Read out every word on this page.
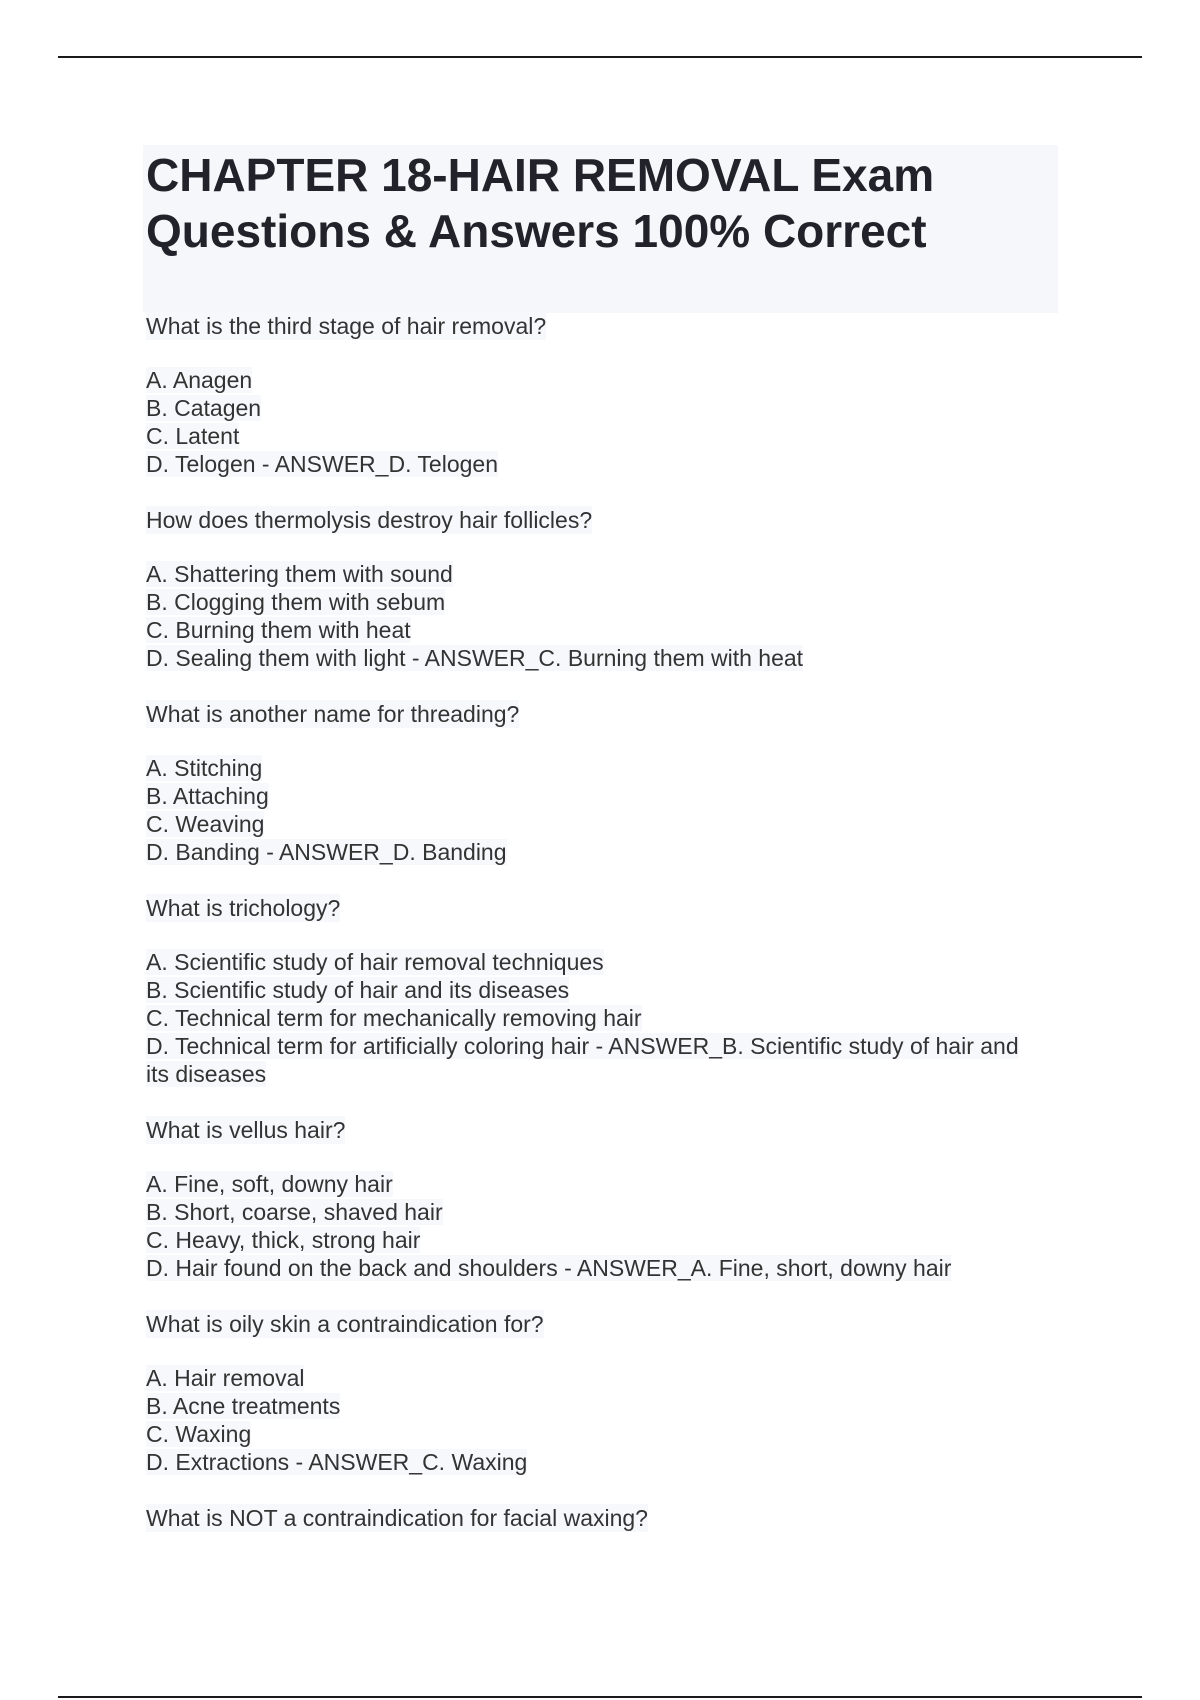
CHAPTER 18-HAIR REMOVAL Exam
Questions & Answers 100% Correct

What is the third stage of hair removal?

A. Anagen
B. Catagen
C. Latent
D. Telogen - ANSWER_D. Telogen

How does thermolysis destroy hair follicles?

A. Shattering them with sound
B. Clogging them with sebum
C. Burning them with heat
D. Sealing them with light - ANSWER_C. Burning them with heat

What is another name for threading?

A. Stitching
B. Attaching
C. Weaving
D. Banding - ANSWER_D. Banding

What is trichology?

A. Scientific study of hair removal techniques
B. Scientific study of hair and its diseases
C. Technical term for mechanically removing hair
D. Technical term for artificially coloring hair - ANSWER_B. Scientific study of hair and its diseases

What is vellus hair?

A. Fine, soft, downy hair
B. Short, coarse, shaved hair
C. Heavy, thick, strong hair
D. Hair found on the back and shoulders - ANSWER_A. Fine, short, downy hair

What is oily skin a contraindication for?

A. Hair removal
B. Acne treatments
C. Waxing
D. Extractions - ANSWER_C. Waxing

What is NOT a contraindication for facial waxing?
